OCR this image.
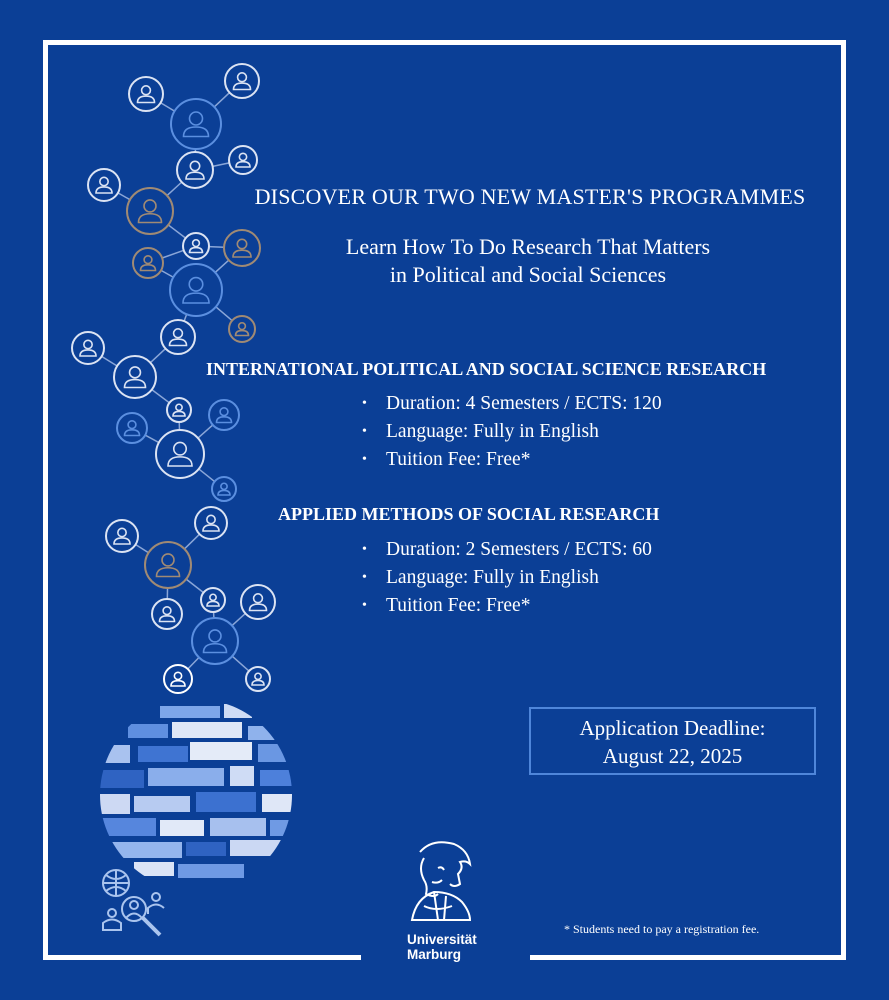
DISCOVER OUR TWO NEW MASTER'S PROGRAMMES
Learn How To Do Research That Matters
in Political and Social Sciences
INTERNATIONAL POLITICAL AND SOCIAL SCIENCE RESEARCH
• Duration: 4 Semesters / ECTS: 120
• Language: Fully in English
• Tuition Fee: Free*
APPLIED METHODS OF SOCIAL RESEARCH
• Duration: 2 Semesters / ECTS: 60
• Language: Fully in English
• Tuition Fee: Free*
Application Deadline:
August 22, 2025
* Students need to pay a registration fee.
Universität
Marburg
